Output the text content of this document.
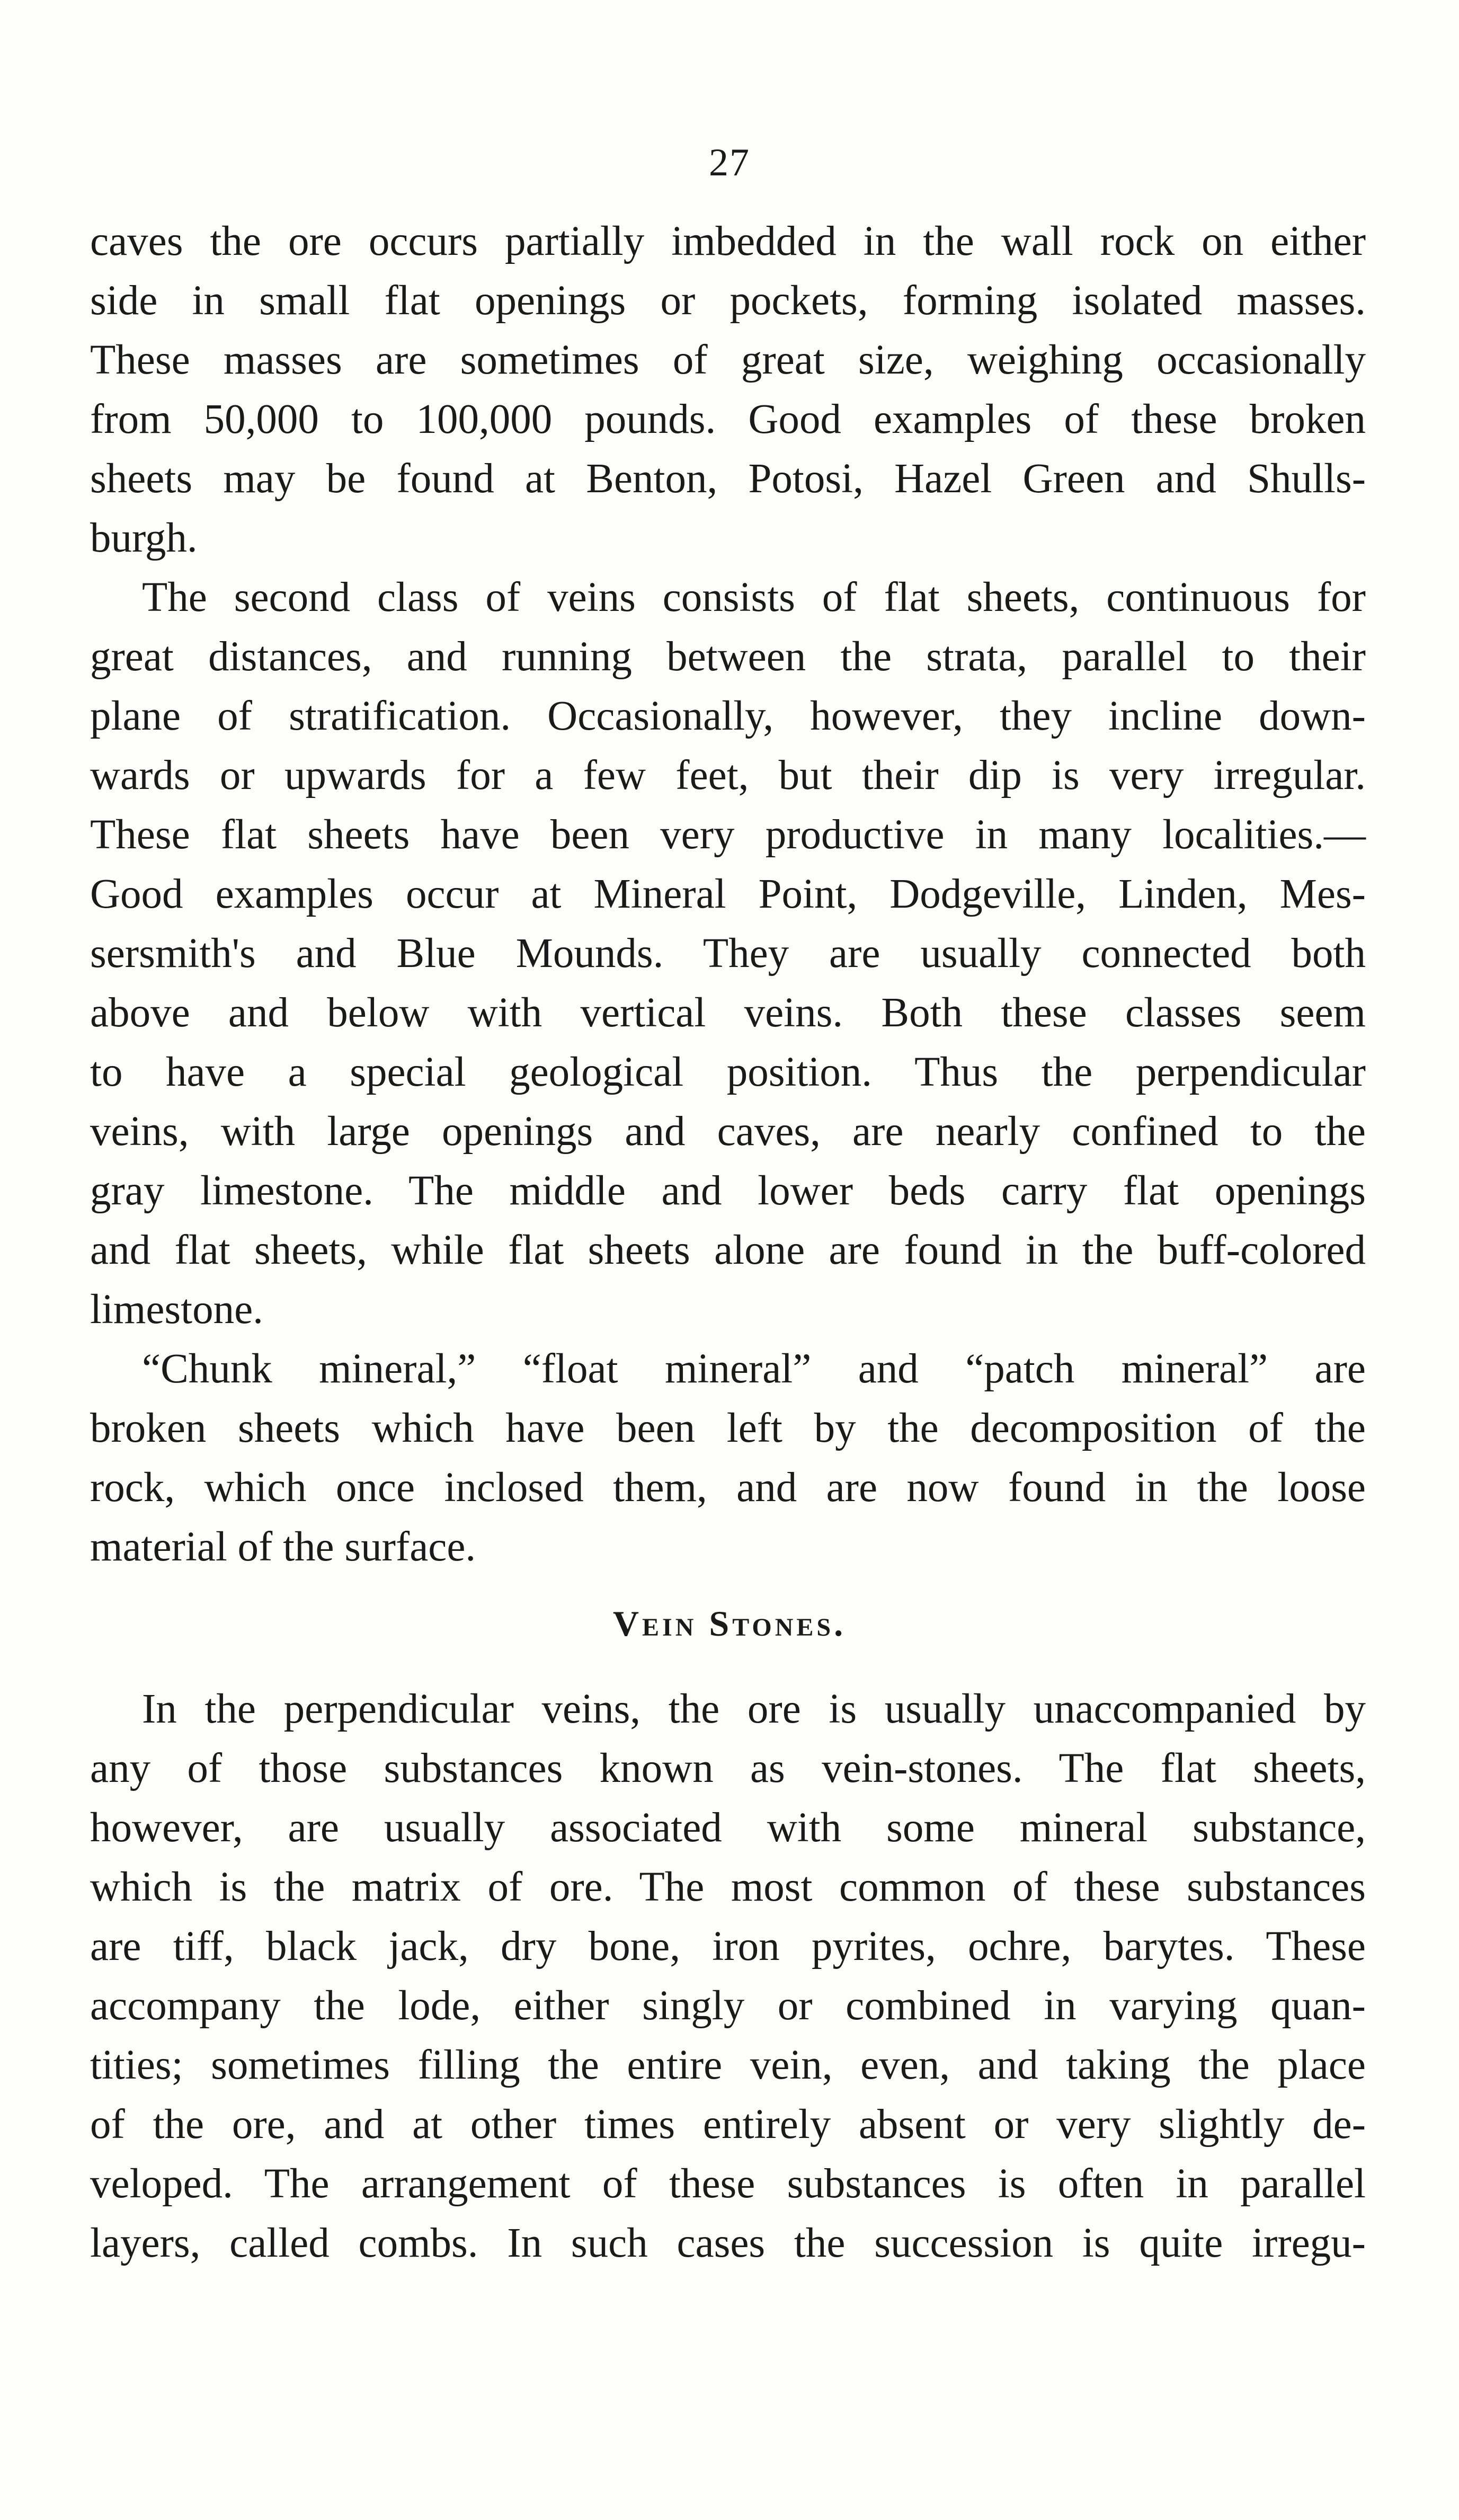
27

caves the ore occurs partially imbedded in the wall rock on either

side in small flat openings or pockets, forming isolated masses.

These masses are sometimes of great size, weighing occasionally

from 50,000 to 100,000 pounds. Good examples of these broken

sheets may be found at Benton, Potosi, Hazel Green and Shulls-

burgh.

The second class of veins consists of flat sheets, continuous for

great distances, and running between the strata, parallel to their

plane of stratification. Occasionally, however, they incline down-

wards or upwards for a few feet, but their dip is very irregular.

These flat sheets have been very productive in many localities.—

Good examples occur at Mineral Point, Dodgeville, Linden, Mes-

sersmith's and Blue Mounds. They are usually connected both

above and below with vertical veins. Both these classes seem

to have a special geological position. Thus the perpendicular

veins, with large openings and caves, are nearly confined to the

gray limestone. The middle and lower beds carry flat openings

and flat sheets, while flat sheets alone are found in the buff-colored

limestone.

“Chunk mineral,” “float mineral” and “patch mineral” are

broken sheets which have been left by the decomposition of the

rock, which once inclosed them, and are now found in the loose

material of the surface.

Vein Stones.

In the perpendicular veins, the ore is usually unaccompanied by

any of those substances known as vein-stones. The flat sheets,

however, are usually associated with some mineral substance,

which is the matrix of ore. The most common of these substances

are tiff, black jack, dry bone, iron pyrites, ochre, barytes. These

accompany the lode, either singly or combined in varying quan-

tities; sometimes filling the entire vein, even, and taking the place

of the ore, and at other times entirely absent or very slightly de-

veloped. The arrangement of these substances is often in parallel

layers, called combs. In such cases the succession is quite irregu-
